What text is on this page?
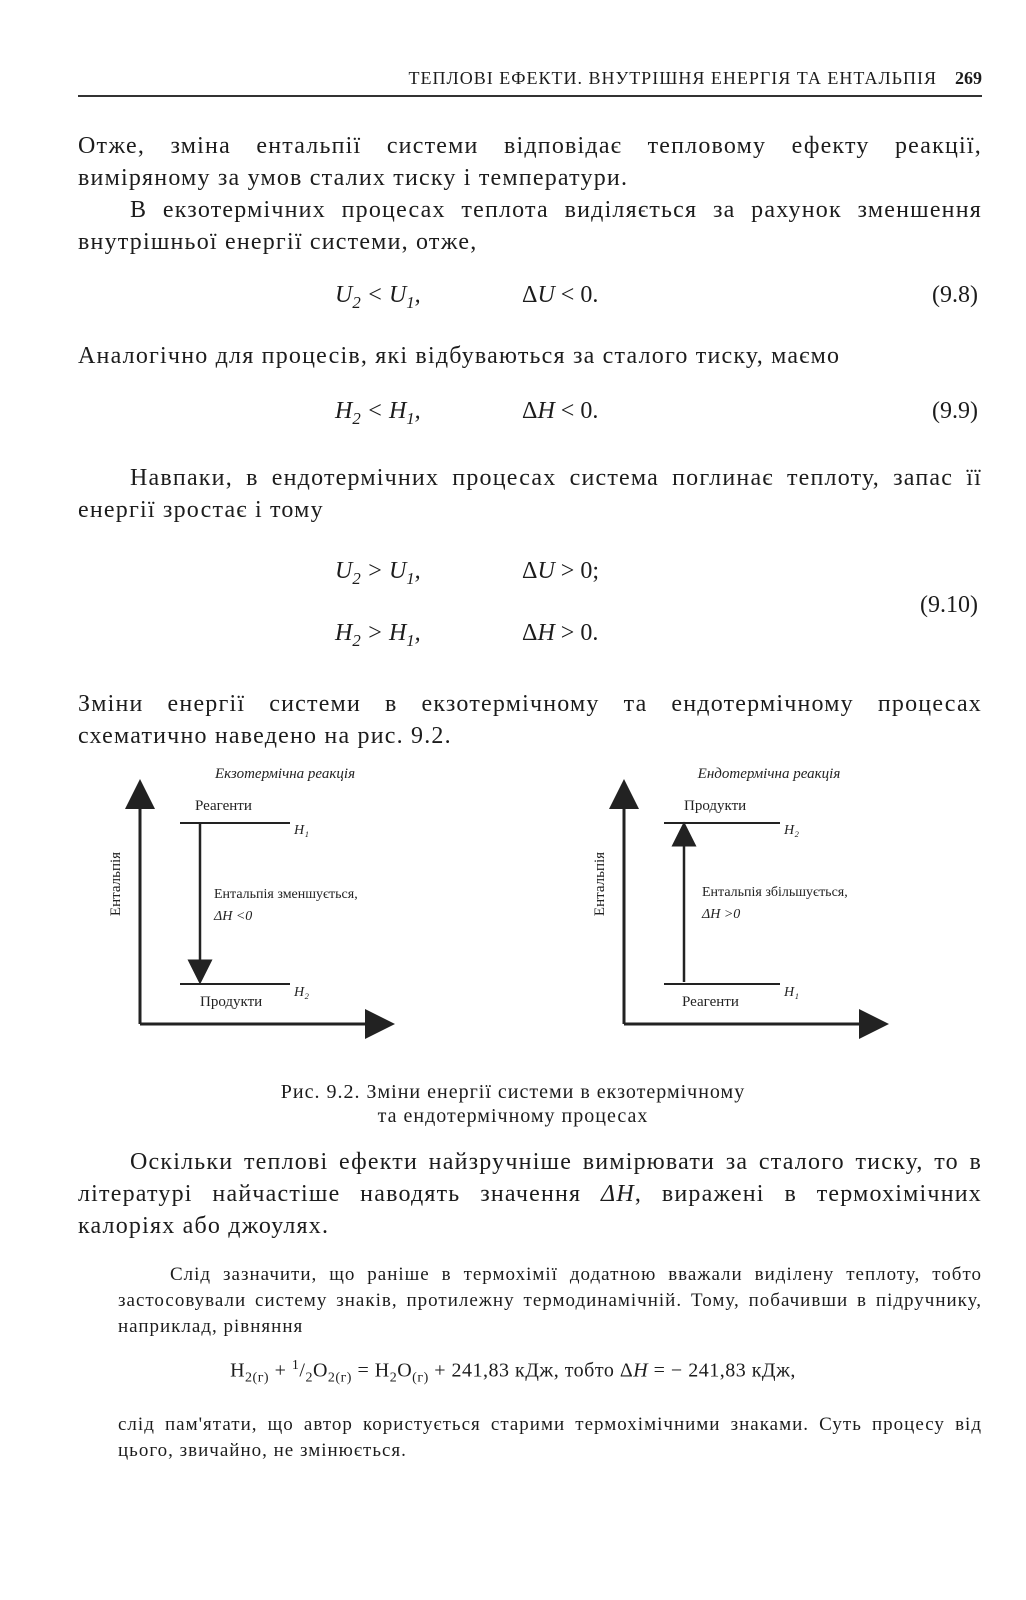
ТЕПЛОВІ ЕФЕКТИ. ВНУТРІШНЯ ЕНЕРГІЯ ТА ЕНТАЛЬПІЯ 269
Отже, зміна ентальпії системи відповідає тепловому ефекту реакції, виміряному за умов сталих тиску і температури.
В екзотермічних процесах теплота виділяється за рахунок зменшення внутрішньої енергії системи, отже,
$U_2 < U_1$,	ΔU < 0.	(9.8)
Аналогічно для процесів, які відбуваються за сталого тиску, маємо
$H_2 < H_1$,	ΔH < 0.	(9.9)
Навпаки, в ендотермічних процесах система поглинає теплоту, запас її енергії зростає і тому
$U_2 > U_1$,	ΔU > 0;
$H_2 > H_1$,	ΔH > 0.
(9.10)
Зміни енергії системи в екзотермічному та ендотермічному процесах схематично наведено на рис. 9.2.
Екзотермічна реакція
Ентальпія
Реагенти
H₁
Ентальпія зменшується,
ΔH <0
H₂
Продукти
Ендотермічна реакція
Ентальпія
Продукти
H₂
Ентальпія збільшується,
ΔH >0
H₁
Реагенти
Рис. 9.2. Зміни енергії системи в екзотермічному
та ендотермічному процесах
Оскільки теплові ефекти найзручніше вимірювати за сталого тиску, то в літературі найчастіше наводять значення ΔH, виражені в термохімічних калоріях або джоулях.
Слід зазначити, що раніше в термохімії додатною вважали виділену теплоту, тобто застосовували систему знаків, протилежну термодинамічній. Тому, побачивши в підручнику, наприклад, рівняння
$H_{2(г)} + ^1/_2O_{2(г)} = H_2O_{(г)} + 241,83$ кДж, тобто ΔH = − 241,83 кДж,
слід пам'ятати, що автор користується старими термохімічними знаками. Суть процесу від цього, звичайно, не змінюється.
